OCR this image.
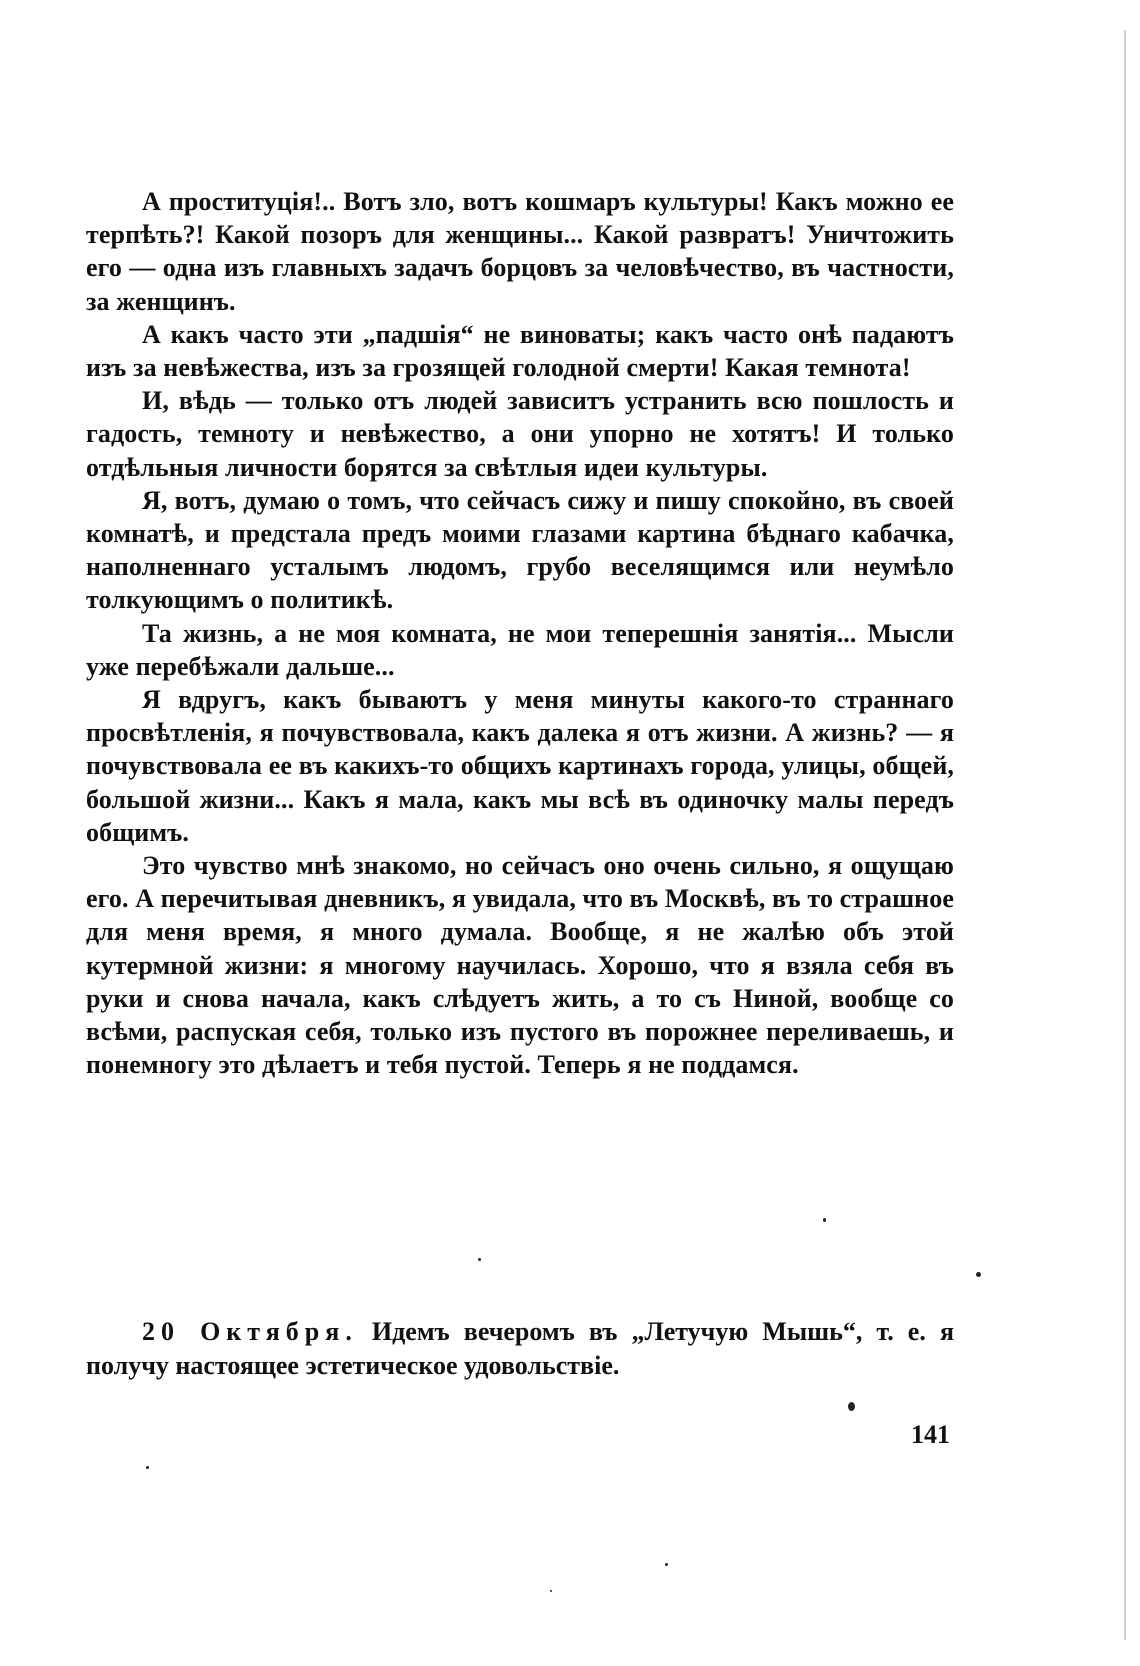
А проституція!.. Вотъ зло, вотъ кошмаръ культуры! Какъ можно ее терпѣть?! Какой позоръ для женщины... Какой развратъ! Уничтожить его — одна изъ главныхъ задачъ борцовъ за человѣчество, въ частности, за женщинъ.

А какъ часто эти „падшія“ не виноваты; какъ часто онѣ падаютъ изъ за невѣжества, изъ за грозящей голодной смерти! Какая темнота!

И, вѣдь — только отъ людей зависитъ устранить всю пошлость и гадость, темноту и невѣжество, а они упорно не хотятъ! И только отдѣльныя личности борятся за свѣтлыя идеи культуры.

Я, вотъ, думаю о томъ, что сейчасъ сижу и пишу спокойно, въ своей комнатѣ, и предстала предъ моими глазами картина бѣднаго кабачка, наполненнаго усталымъ людомъ, грубо веселящимся или неумѣло толкующимъ о политикѣ.

Та жизнь, а не моя комната, не мои теперешнія занятія... Мысли уже перебѣжали дальше...

Я вдругъ, какъ бываютъ у меня минуты какого-то страннаго просвѣтленія, я почувствовала, какъ далека я отъ жизни. А жизнь? — я почувствовала ее въ какихъ-то общихъ картинахъ города, улицы, общей, большой жизни... Какъ я мала, какъ мы всѣ въ одиночку малы передъ общимъ.

Это чувство мнѣ знакомо, но сейчасъ оно очень сильно, я ощущаю его. А перечитывая дневникъ, я увидала, что въ Москвѣ, въ то страшное для меня время, я много думала. Вообще, я не жалѣю объ этой кутермной жизни: я многому научилась. Хорошо, что я взяла себя въ руки и снова начала, какъ слѣдуетъ жить, а то съ Ниной, вообще со всѣми, распуская себя, только изъ пустого въ порожнее переливаешь, и понемногу это дѣлаетъ и тебя пустой. Теперь я не поддамся.

20 Октября. Идемъ вечеромъ въ „Летучую Мышь“, т. е. я получу настоящее эстетическое удовольствіе.

141
